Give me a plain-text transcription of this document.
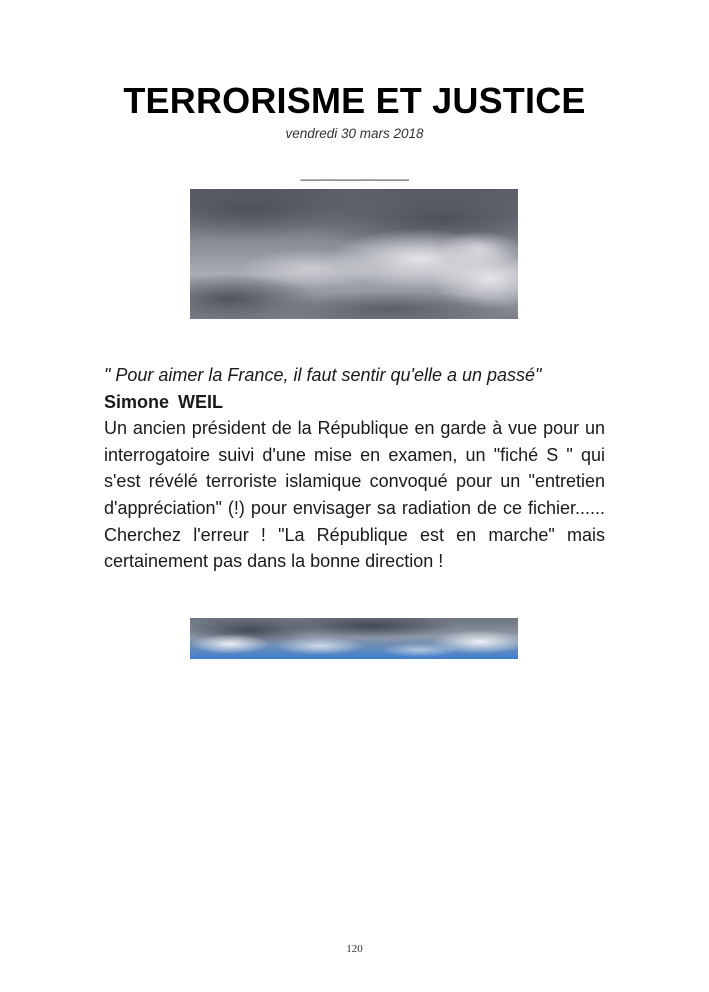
TERRORISME ET JUSTICE
vendredi 30 mars 2018
________________
" Pour aimer la France, il faut sentir qu'elle a un passé"
Simone WEIL
Un ancien président de la République en garde à vue pour un interrogatoire suivi d'une mise en examen, un "fiché S " qui s'est révélé terroriste islamique convoqué pour un "entretien d'appréciation" (!) pour envisager sa radiation de ce fichier...... Cherchez l'erreur ! "La République est en marche" mais certainement pas dans la bonne direction !
120
